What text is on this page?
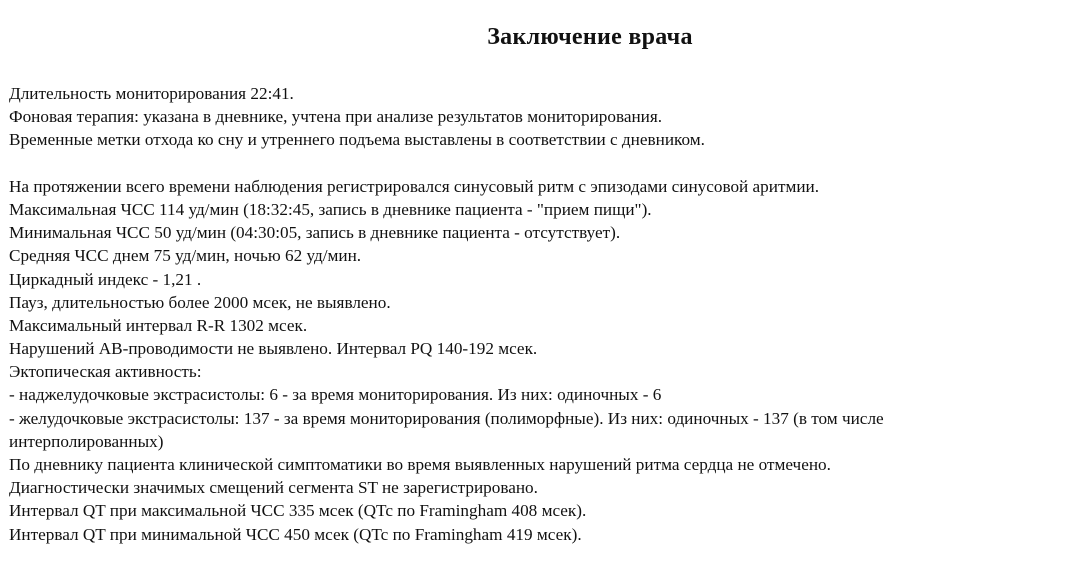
Заключение врача
Длительность мониторирования 22:41.
Фоновая терапия: указана в дневнике, учтена при анализе результатов мониторирования.
Временные метки отхода ко сну и утреннего подъема выставлены в соответствии с дневником.
На протяжении всего времени наблюдения регистрировался синусовый ритм с эпизодами синусовой аритмии.
Максимальная ЧСС 114 уд/мин (18:32:45, запись в дневнике пациента - "прием пищи").
Минимальная ЧСС 50 уд/мин (04:30:05, запись в дневнике пациента - отсутствует).
Средняя ЧСС днем 75 уд/мин, ночью 62 уд/мин.
Циркадный индекс - 1,21 .
Пауз, длительностью более 2000 мсек, не выявлено.
Максимальный интервал R-R 1302 мсек.
Нарушений АВ-проводимости не выявлено. Интервал PQ 140-192 мсек.
Эктопическая активность:
- наджелудочковые экстрасистолы: 6 - за время мониторирования. Из них: одиночных - 6
- желудочковые экстрасистолы: 137 - за время мониторирования (полиморфные). Из них: одиночных - 137 (в том числе
интерполированных)
По дневнику пациента клинической симптоматики во время выявленных нарушений ритма сердца не отмечено.
Диагностически значимых смещений сегмента ST не зарегистрировано.
Интервал QT при максимальной ЧСС 335 мсек (QTc по Framingham 408 мсек).
Интервал QT при минимальной ЧСС 450 мсек (QTc по Framingham 419 мсек).
